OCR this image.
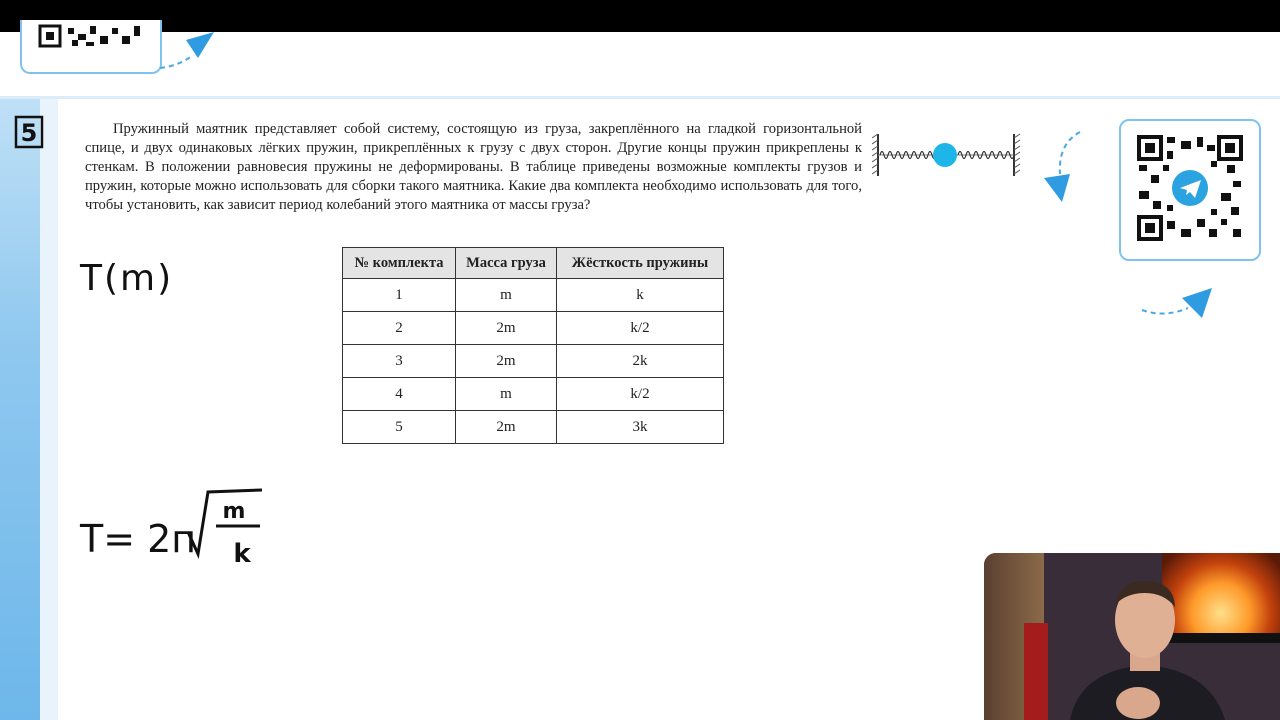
5	Пружинный маятник представляет собой систему, состоящую из груза, закреплённого на гладкой горизонтальной спице, и двух одинаковых лёгких пружин, прикреплённых к грузу с двух сторон. Другие концы пружин прикреплены к стенкам. В положении равновесия пружины не деформированы. В таблице приведены возможные комплекты грузов и пружин, которые можно использовать для сборки такого маятника. Какие два комплекта необходимо использовать для того, чтобы установить, как зависит период колебаний этого маятника от массы груза?

№ комплекта	Масса груза	Жёсткость пружины
1	m	k
2	2m	k/2
3	2m	2k
4	m	k/2
5	2m	3k
T(m)
T= 2п
m
k
